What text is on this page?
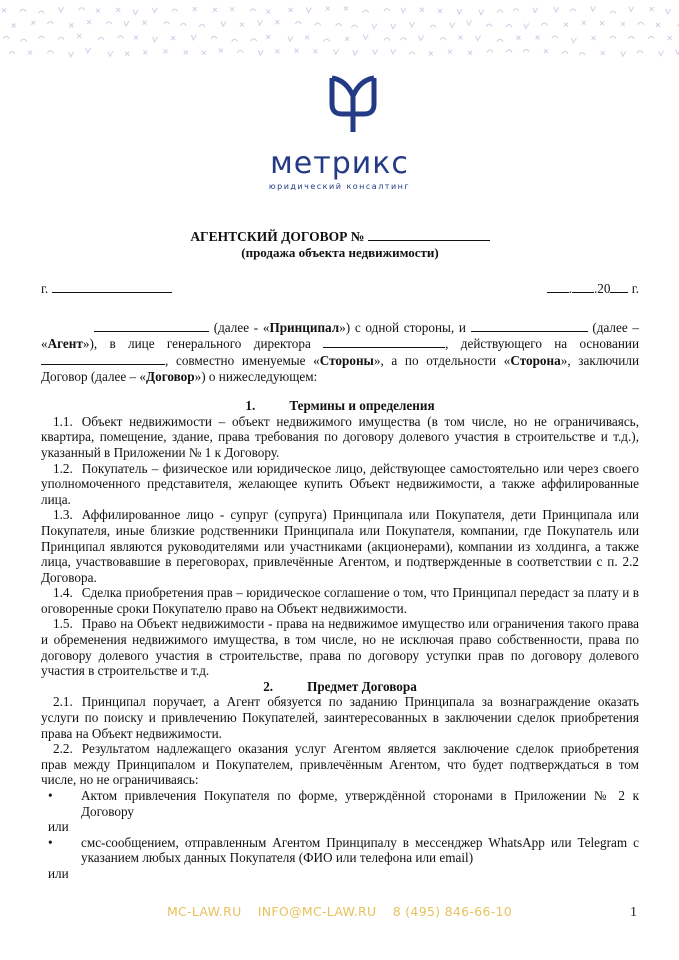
метрикс
юридический консалтинг
АГЕНТСКИЙ ДОГОВОР №
(продажа объекта недвижимости)
г.	. .20 г.

(далее - «Принципал») с одной стороны, и	(далее – «Агент»), в лице генерального директора	, действующего на основании , совместно именуемые «Стороны», а по отдельности «Сторона», заключили Договор (далее – «Договор») о нижеследующем:

1.	Термины и определения

1.1. Объект недвижимости – объект недвижимого имущества (в том числе, но не ограничиваясь, квартира, помещение, здание, права требования по договору долевого участия в строительстве и т.д.), указанный в Приложении № 1 к Договору.

1.2. Покупатель – физическое или юридическое лицо, действующее самостоятельно или через своего уполномоченного представителя, желающее купить Объект недвижимости, а также аффилированные лица.

1.3. Аффилированное лицо - супруг (супруга) Принципала или Покупателя, дети Принципала или Покупателя, иные близкие родственники Принципала или Покупателя, компании, где Покупатель или Принципал являются руководителями или участниками (акционерами), компании из холдинга, а также лица, участвовавшие в переговорах, привлечённые Агентом, и подтвержденные в соответствии с п. 2.2 Договора.

1.4. Сделка приобретения прав – юридическое соглашение о том, что Принципал передаст за плату и в оговоренные сроки Покупателю право на Объект недвижимости.

1.5. Право на Объект недвижимости - права на недвижимое имущество или ограничения такого права и обременения недвижимого имущества, в том числе, но не исключая право собственности, права по договору долевого участия в строительстве, права по договору уступки прав по договору долевого участия в строительстве и т.д.

2.	Предмет Договора

2.1. Принципал поручает, а Агент обязуется по заданию Принципала за вознаграждение оказать услуги по поиску и привлечению Покупателей, заинтересованных в заключении сделок приобретения права на Объект недвижимости.

2.2. Результатом надлежащего оказания услуг Агентом является заключение сделок приобретения прав между Принципалом и Покупателем, привлечённым Агентом, что будет подтверждаться в том числе, но не ограничиваясь:

•	Актом привлечения Покупателя по форме, утверждённой сторонами в Приложении № 2 к Договору
или
•	смс-сообщением, отправленным Агентом Принципалу в мессенджер WhatsApp или Telegram с указанием любых данных Покупателя (ФИО или телефона или email)
или
MC-LAW.RU INFO@MC-LAW.RU 8 (495) 846-66-10	1
